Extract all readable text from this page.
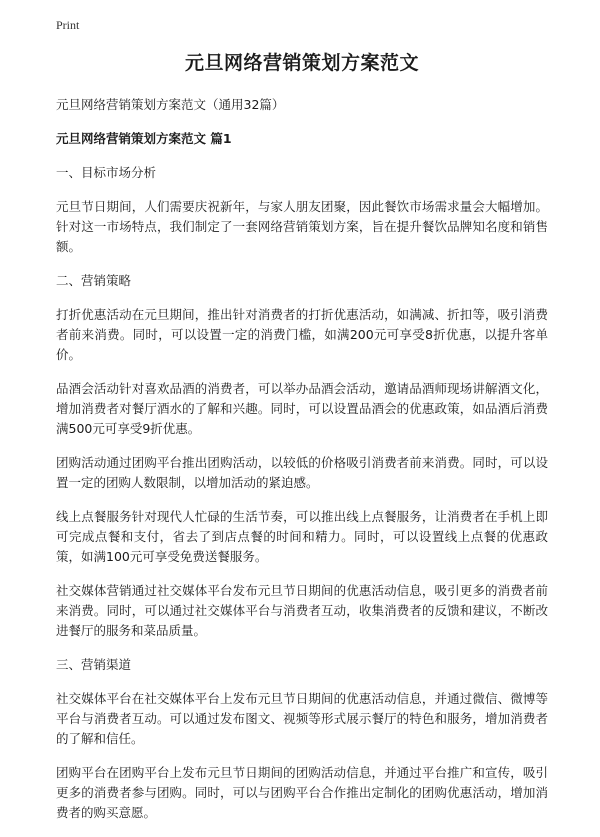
Print
元旦网络营销策划方案范文

元旦网络营销策划方案范文（通用32篇）

元旦网络营销策划方案范文 篇1

一、目标市场分析

元旦节日期间，人们需要庆祝新年，与家人朋友团聚，因此餐饮市场需求量会大幅增加。针对这一市场特点，我们制定了一套网络营销策划方案，旨在提升餐饮品牌知名度和销售额。

二、营销策略

打折优惠活动在元旦期间，推出针对消费者的打折优惠活动，如满减、折扣等，吸引消费者前来消费。同时，可以设置一定的消费门槛，如满200元可享受8折优惠，以提升客单价。

品酒会活动针对喜欢品酒的消费者，可以举办品酒会活动，邀请品酒师现场讲解酒文化，增加消费者对餐厅酒水的了解和兴趣。同时，可以设置品酒会的优惠政策，如品酒后消费满500元可享受9折优惠。

团购活动通过团购平台推出团购活动，以较低的价格吸引消费者前来消费。同时，可以设置一定的团购人数限制，以增加活动的紧迫感。

线上点餐服务针对现代人忙碌的生活节奏，可以推出线上点餐服务，让消费者在手机上即可完成点餐和支付，省去了到店点餐的时间和精力。同时，可以设置线上点餐的优惠政策，如满100元可享受免费送餐服务。

社交媒体营销通过社交媒体平台发布元旦节日期间的优惠活动信息，吸引更多的消费者前来消费。同时，可以通过社交媒体平台与消费者互动，收集消费者的反馈和建议，不断改进餐厅的服务和菜品质量。

三、营销渠道

社交媒体平台在社交媒体平台上发布元旦节日期间的优惠活动信息，并通过微信、微博等平台与消费者互动。可以通过发布图文、视频等形式展示餐厅的特色和服务，增加消费者的了解和信任。

团购平台在团购平台上发布元旦节日期间的团购活动信息，并通过平台推广和宣传，吸引更多的消费者参与团购。同时，可以与团购平台合作推出定制化的团购优惠活动，增加消费者的购买意愿。
